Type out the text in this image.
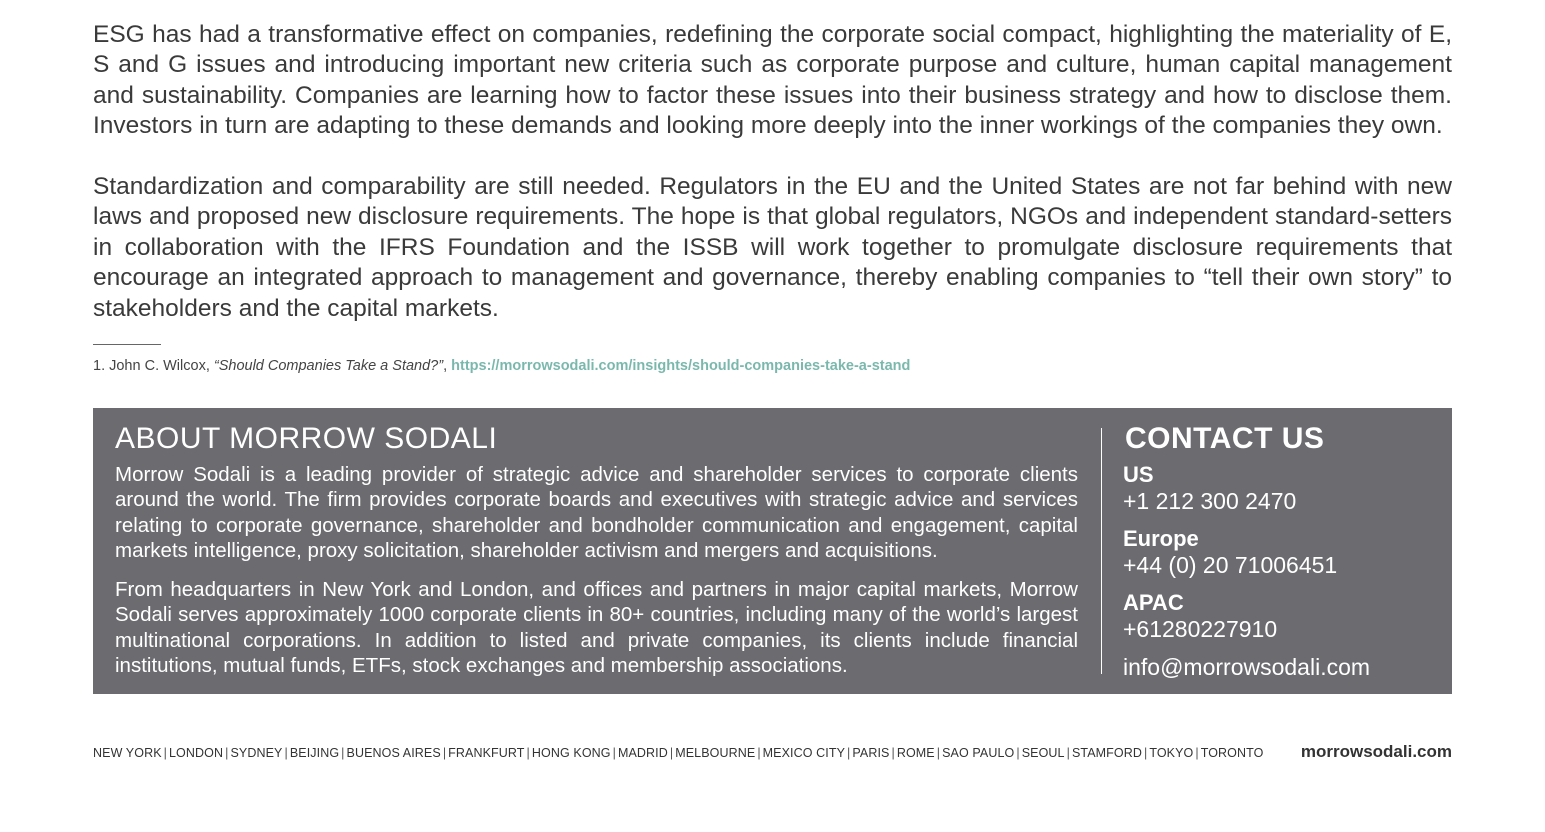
ESG has had a transformative effect on companies, redefining the corporate social compact, highlighting the materiality of E, S and G issues and introducing important new criteria such as corporate purpose and culture, human capital management and sustainability. Companies are learning how to factor these issues into their business strategy and how to disclose them. Investors in turn are adapting to these demands and looking more deeply into the inner workings of the companies they own.

Standardization and comparability are still needed. Regulators in the EU and the United States are not far behind with new laws and proposed new disclosure requirements. The hope is that global regulators, NGOs and independent standard-setters in collaboration with the IFRS Foundation and the ISSB will work together to promulgate disclosure requirements that encourage an integrated approach to management and governance, thereby enabling companies to “tell their own story” to stakeholders and the capital markets.

1. John C. Wilcox, “Should Companies Take a Stand?”, https://morrowsodali.com/insights/should-companies-take-a-stand
ABOUT MORROW SODALI

Morrow Sodali is a leading provider of strategic advice and shareholder services to corporate clients around the world. The firm provides corporate boards and executives with strategic advice and services relating to corporate governance, shareholder and bondholder communication and engagement, capital markets intelligence, proxy solicitation, shareholder activism and mergers and acquisitions.

From headquarters in New York and London, and offices and partners in major capital markets, Morrow Sodali serves approximately 1000 corporate clients in 80+ countries, including many of the world’s largest multinational corporations. In addition to listed and private companies, its clients include financial institutions, mutual funds, ETFs, stock exchanges and membership associations.

CONTACT US
US
+1 212 300 2470
Europe
+44 (0) 20 71006451
APAC
+61280227910
info@morrowsodali.com
NEW YORK | LONDON | SYDNEY | BEIJING | BUENOS AIRES | FRANKFURT | HONG KONG | MADRID | MELBOURNE | MEXICO CITY | PARIS | ROME | SAO PAULO | SEOUL | STAMFORD | TOKYO | TORONTO morrowsodali.com
